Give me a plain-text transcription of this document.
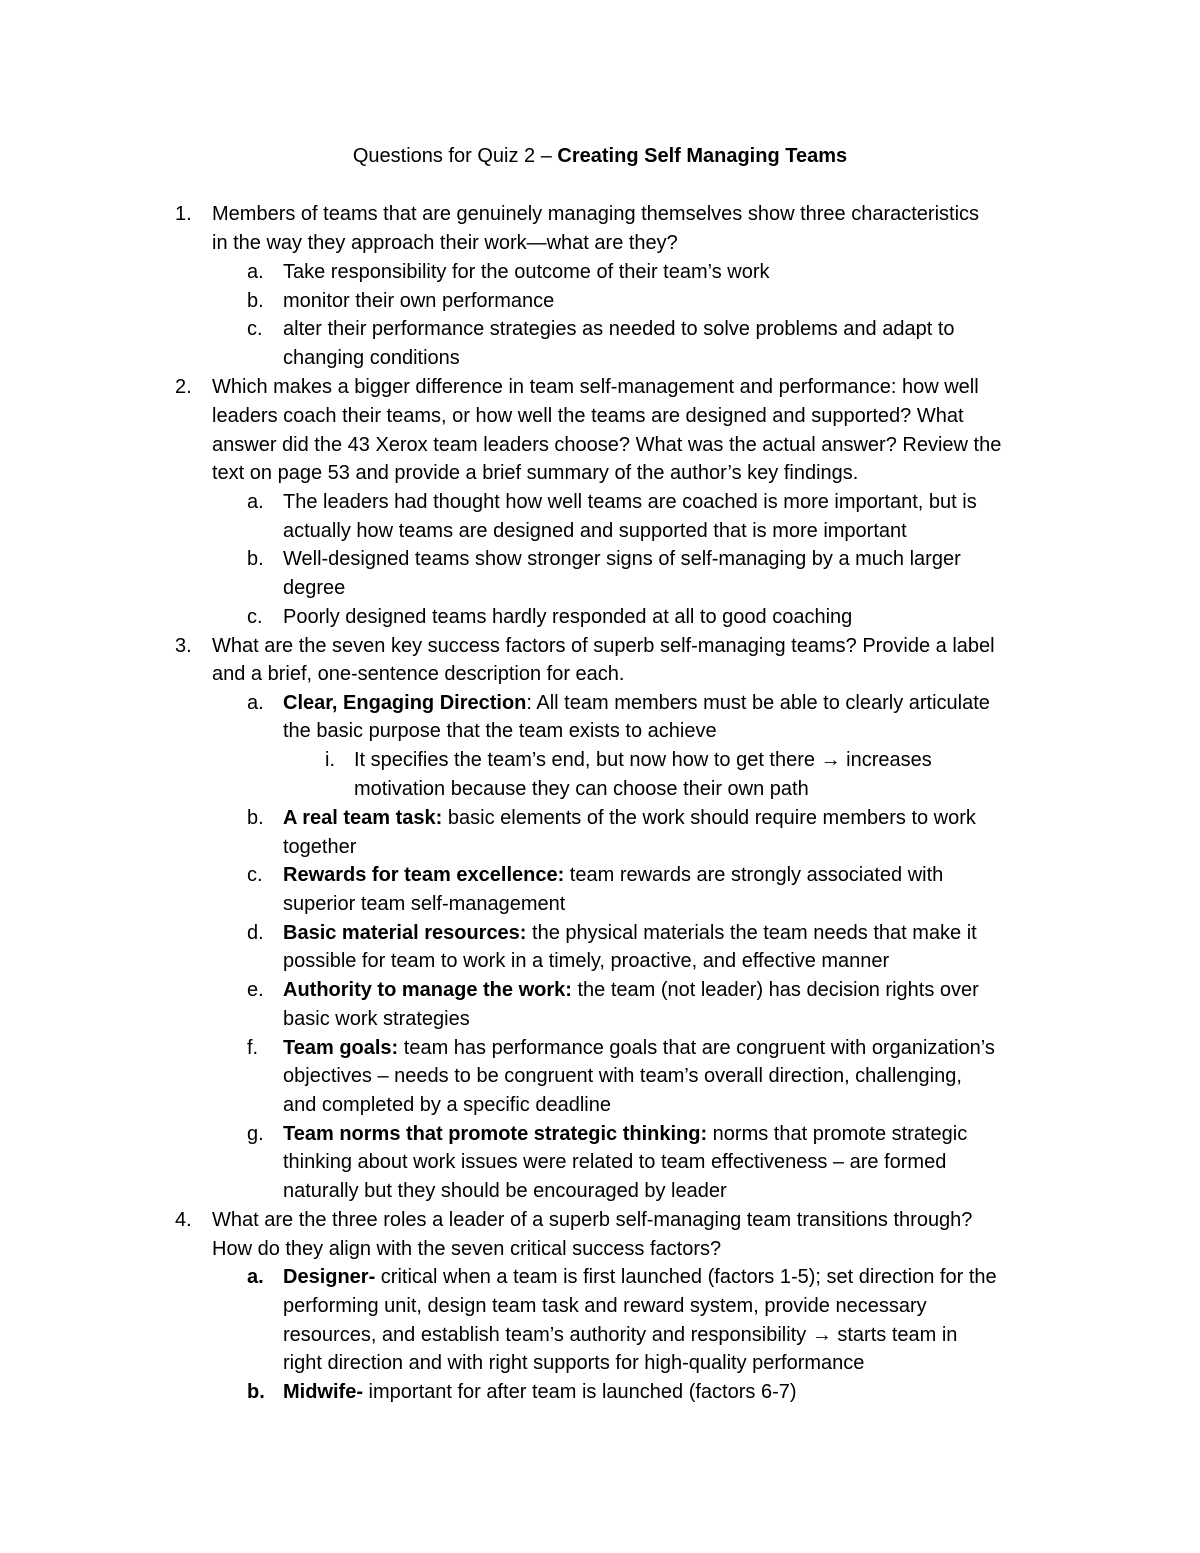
Questions for Quiz 2 – Creating Self Managing Teams
1. Members of teams that are genuinely managing themselves show three characteristics
in the way they approach their work—what are they?
a. Take responsibility for the outcome of their team’s work
b. monitor their own performance
c. alter their performance strategies as needed to solve problems and adapt to
changing conditions
2. Which makes a bigger difference in team self-management and performance: how well
leaders coach their teams, or how well the teams are designed and supported? What
answer did the 43 Xerox team leaders choose? What was the actual answer? Review the
text on page 53 and provide a brief summary of the author’s key findings.
a. The leaders had thought how well teams are coached is more important, but is
actually how teams are designed and supported that is more important
b. Well-designed teams show stronger signs of self-managing by a much larger
degree
c. Poorly designed teams hardly responded at all to good coaching
3. What are the seven key success factors of superb self-managing teams? Provide a label
and a brief, one-sentence description for each.
a. Clear, Engaging Direction: All team members must be able to clearly articulate
the basic purpose that the team exists to achieve
i. It specifies the team’s end, but now how to get there → increases
motivation because they can choose their own path
b. A real team task: basic elements of the work should require members to work
together
c. Rewards for team excellence: team rewards are strongly associated with
superior team self-management
d. Basic material resources: the physical materials the team needs that make it
possible for team to work in a timely, proactive, and effective manner
e. Authority to manage the work: the team (not leader) has decision rights over
basic work strategies
f. Team goals: team has performance goals that are congruent with organization’s
objectives – needs to be congruent with team’s overall direction, challenging,
and completed by a specific deadline
g. Team norms that promote strategic thinking: norms that promote strategic
thinking about work issues were related to team effectiveness – are formed
naturally but they should be encouraged by leader
4. What are the three roles a leader of a superb self-managing team transitions through?
How do they align with the seven critical success factors?
a. Designer- critical when a team is first launched (factors 1-5); set direction for the
performing unit, design team task and reward system, provide necessary
resources, and establish team’s authority and responsibility → starts team in
right direction and with right supports for high-quality performance
b. Midwife- important for after team is launched (factors 6-7)
